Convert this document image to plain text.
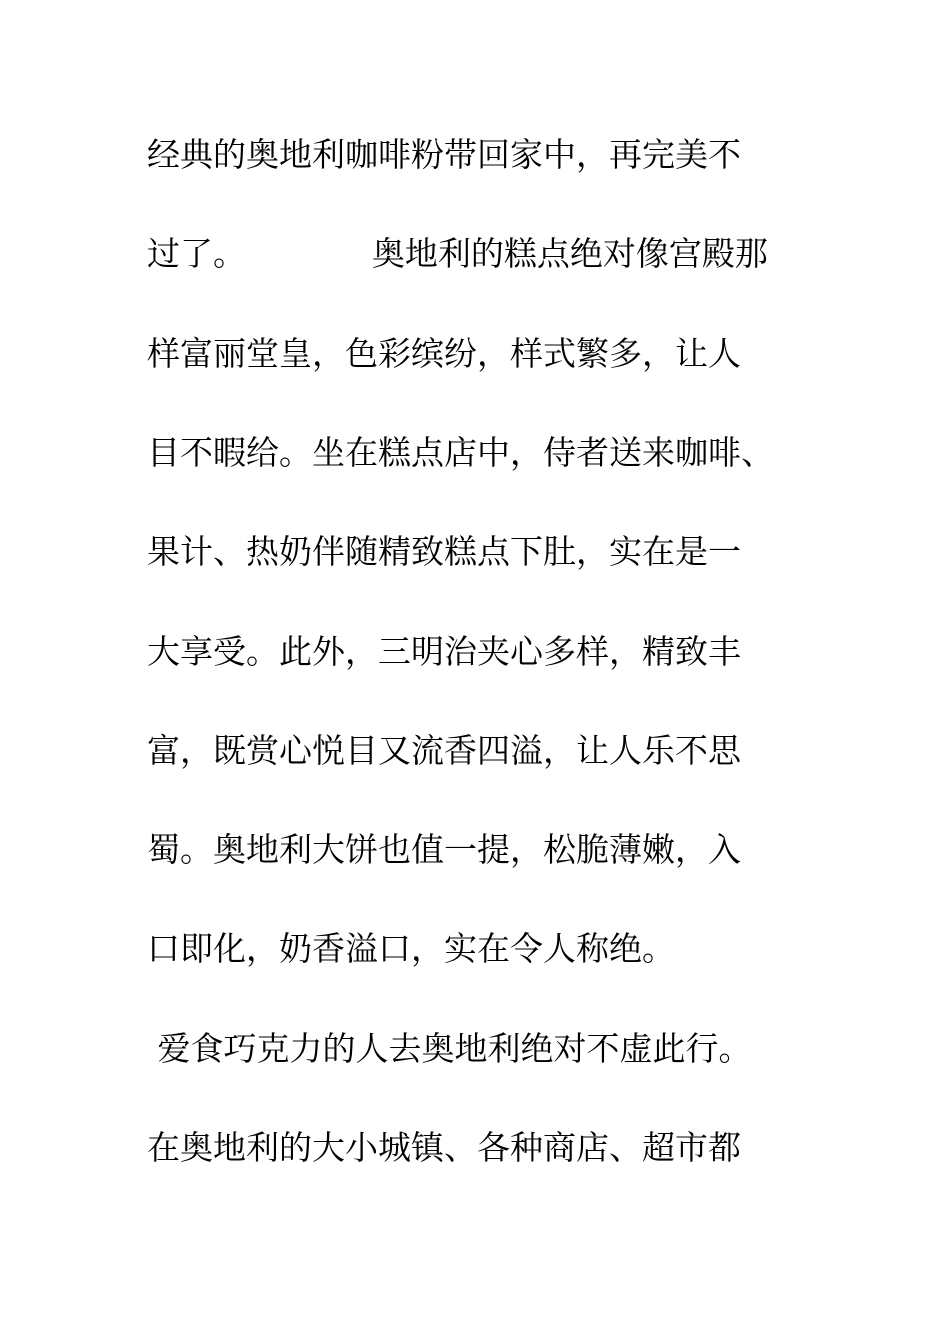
经典的奥地利咖啡粉带回家中，再完美不
过了。            奥地利的糕点绝对像宫殿那
样富丽堂皇，色彩缤纷，样式繁多，让人
目不暇给。坐在糕点店中，侍者送来咖啡、
果计、热奶伴随精致糕点下肚，实在是一
大享受。此外，三明治夹心多样，精致丰
富，既赏心悦目又流香四溢，让人乐不思
蜀。奥地利大饼也值一提，松脆薄嫩，入
口即化，奶香溢口，实在令人称绝。
爱食巧克力的人去奥地利绝对不虚此行。
在奥地利的大小城镇、各种商店、超市都
